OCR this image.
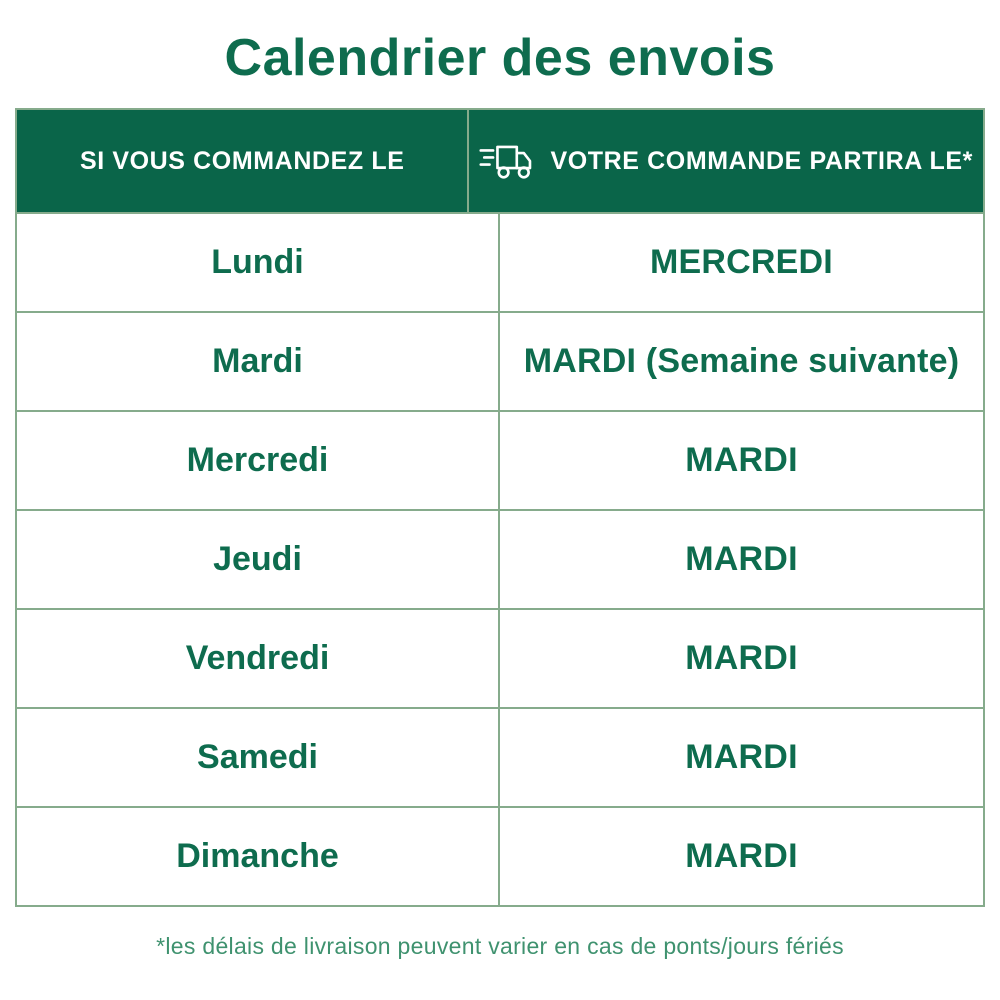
Calendrier des envois
SI VOUS COMMANDEZ LE	VOTRE COMMANDE PARTIRA LE*
Lundi	MERCREDI
Mardi	MARDI (Semaine suivante)
Mercredi	MARDI
Jeudi	MARDI
Vendredi	MARDI
Samedi	MARDI
Dimanche	MARDI

*les délais de livraison peuvent varier en cas de ponts/jours fériés
